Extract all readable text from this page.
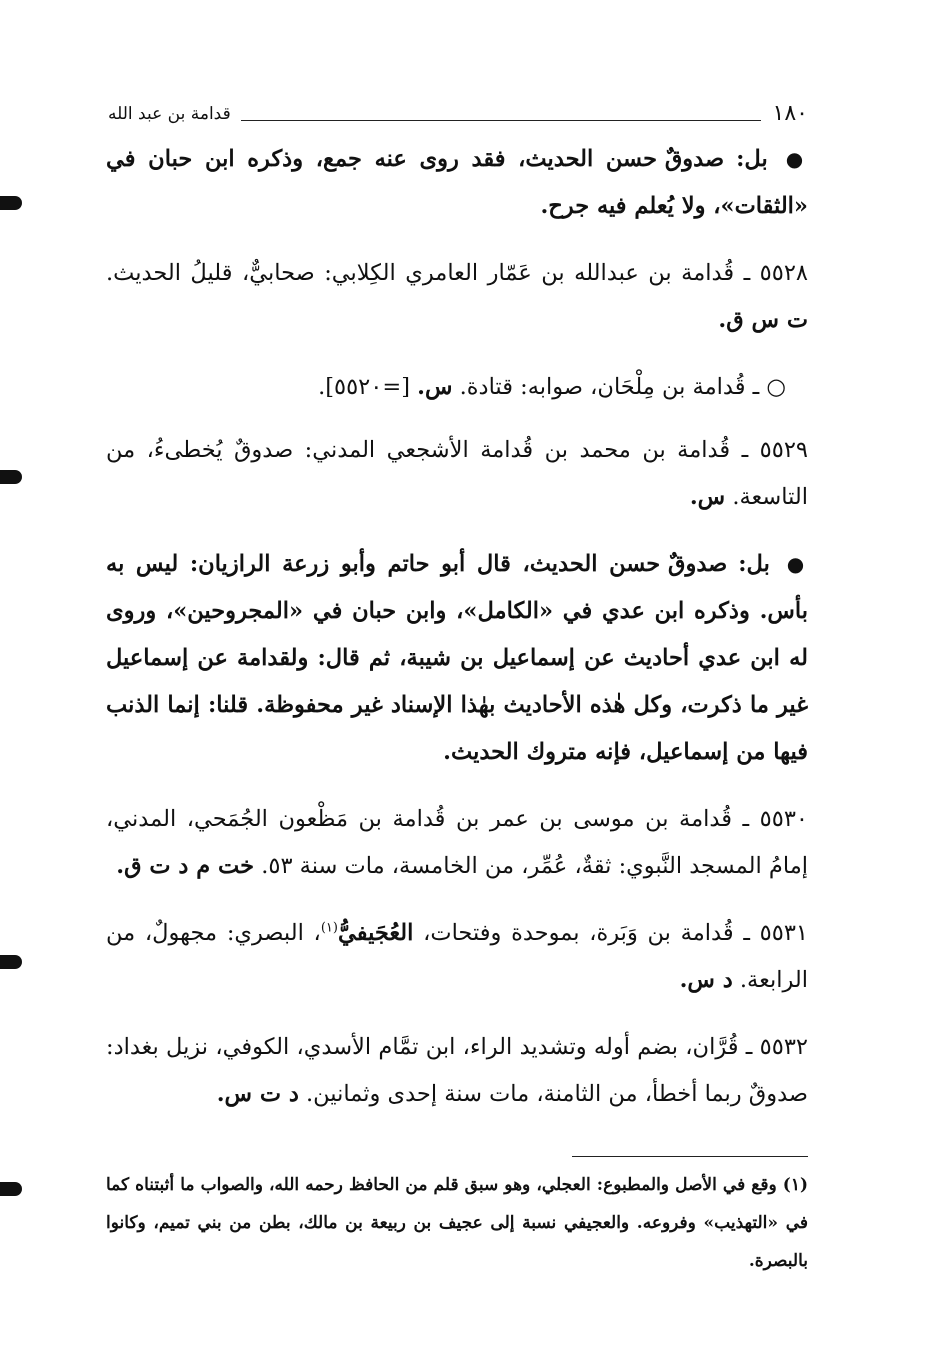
١٨٠
قدامة بن عبد الله

● بل: صدوقٌ حسن الحديث، فقد روى عنه جمع، وذكره ابن حبان في «الثقات»، ولا يُعلم فيه جرح.

٥٥٢٨ ـ قُدامة بن عبدالله بن عَمّار العامري الكِلابي: صحابيٌّ، قليلُ الحديث. ت س ق.

○ ـ قُدامة بن مِلْحَان، صوابه: قتادة. س. [=٥٥٢٠].

٥٥٢٩ ـ قُدامة بن محمد بن قُدامة الأشجعي المدني: صدوقٌ يُخطىءُ، من التاسعة. س.

● بل: صدوقٌ حسن الحديث، قال أبو حاتم وأبو زرعة الرازيان: ليس به بأس. وذكره ابن عدي في «الكامل»، وابن حبان في «المجروحين»، وروى له ابن عدي أحاديث عن إسماعيل بن شيبة، ثم قال: ولقدامة عن إسماعيل غير ما ذكرت، وكل هٰذه الأحاديث بهٰذا الإسناد غير محفوظة. قلنا: إنما الذنب فيها من إسماعيل، فإنه متروك الحديث.

٥٥٣٠ ـ قُدامة بن موسى بن عمر بن قُدامة بن مَظْعون الجُمَحي، المدني، إمامُ المسجد النَّبوي: ثقةٌ، عُمِّر، من الخامسة، مات سنة ٥٣. خت م د ت ق.

٥٥٣١ ـ قُدامة بن وَبَرة، بموحدة وفتحات، العُجَيفيُّ$^{(١)}$، البصري: مجهولٌ، من الرابعة. د س.

٥٥٣٢ ـ قُرَّان، بضم أوله وتشديد الراء، ابن تمَّام الأسدي، الكوفي، نزيل بغداد: صدوقٌ ربما أخطأ، من الثامنة، مات سنة إحدى وثمانين. د ت س.

(١) وقع في الأصل والمطبوع: العجلي، وهو سبق قلم من الحافظ رحمه الله، والصواب ما أثبتناه كما في «التهذيب» وفروعه. والعجيفي نسبة إلى عجيف بن ربيعة بن مالك، بطن من بني تميم، وكانوا بالبصرة.
